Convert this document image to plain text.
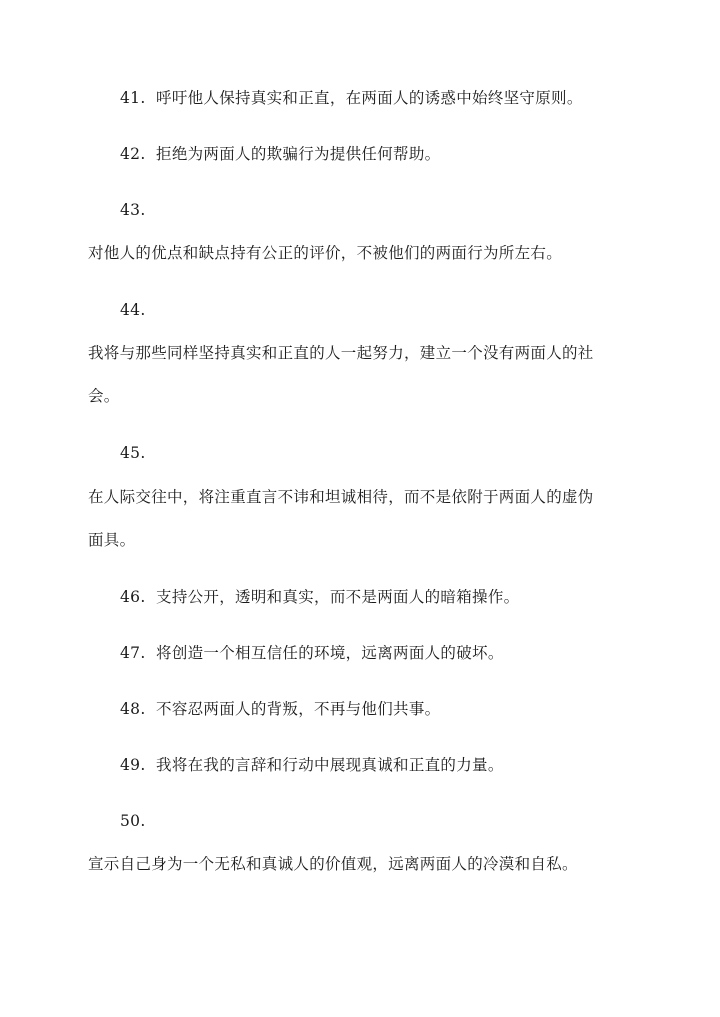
41. 呼吁他人保持真实和正直，在两面人的诱惑中始终坚守原则。
42. 拒绝为两面人的欺骗行为提供任何帮助。
43.
对他人的优点和缺点持有公正的评价，不被他们的两面行为所左右。
44.
我将与那些同样坚持真实和正直的人一起努力，建立一个没有两面人的社
会。
45.
在人际交往中，将注重直言不讳和坦诚相待，而不是依附于两面人的虚伪
面具。
46. 支持公开，透明和真实，而不是两面人的暗箱操作。
47. 将创造一个相互信任的环境，远离两面人的破坏。
48. 不容忍两面人的背叛，不再与他们共事。
49. 我将在我的言辞和行动中展现真诚和正直的力量。
50.
宣示自己身为一个无私和真诚人的价值观，远离两面人的冷漠和自私。
